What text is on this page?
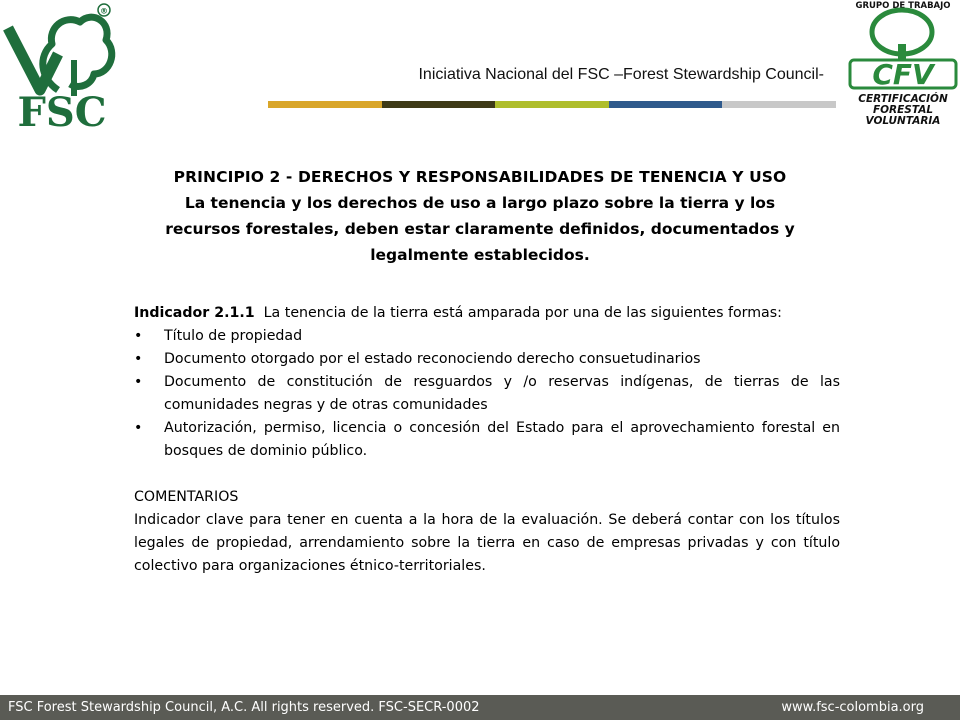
®
FSC
GRUPO DE TRABAJO
CFV
CERTIFICACIÓN
FORESTAL
VOLUNTARIA
Iniciativa Nacional del FSC –Forest Stewardship Council-
PRINCIPIO 2 - DERECHOS Y RESPONSABILIDADES DE TENENCIA Y USO
La tenencia y los derechos de uso a largo plazo sobre la tierra y los recursos forestales, deben estar claramente definidos, documentados y legalmente establecidos.

Indicador 2.1.1 La tenencia de la tierra está amparada por una de las siguientes formas:

• Título de propiedad
• Documento otorgado por el estado reconociendo derecho consuetudinarios
• Documento de constitución de resguardos y /o reservas indígenas, de tierras de las comunidades negras y de otras comunidades
• Autorización, permiso, licencia o concesión del Estado para el aprovechamiento forestal en bosques de dominio público.

COMENTARIOS

Indicador clave para tener en cuenta a la hora de la evaluación. Se deberá contar con los títulos legales de propiedad, arrendamiento sobre la tierra en caso de empresas privadas y con título colectivo para organizaciones étnico-territoriales.

FSC Forest Stewardship Council, A.C. All rights reserved. FSC-SECR-0002	www.fsc-colombia.org
